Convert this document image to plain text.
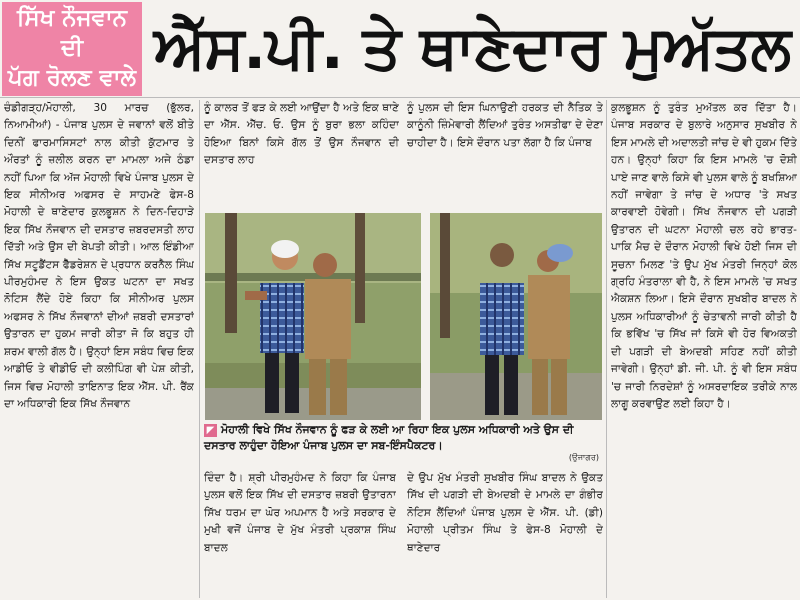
ਸਿੱਖ ਨੌਜਵਾਨ ਦੀ
ਪੱਗ ਰੋਲਣ ਵਾਲੇ ਐੱਸ.ਪੀ. ਤੇ ਥਾਣੇਦਾਰ ਮੁਅੱਤਲ
ਚੰਡੀਗੜ੍ਹ/ਮੋਹਾਲੀ, 30 ਮਾਰਚ (ਭੁੱਲਰ, ਨਿਆਮੀਆਂ) - ਪੰਜਾਬ ਪੁਲਸ ਦੇ ਜਵਾਨਾਂ ਵਲੋਂ ਬੀਤੇ ਦਿਨੀਂ ਫਾਰਮਾਸਿਸਟਾਂ ਨਾਲ ਕੀਤੀ ਕੁੱਟਮਾਰ ਤੇ ਔਰਤਾਂ ਨੂੰ ਜ਼ਲੀਲ ਕਰਨ ਦਾ ਮਾਮਲਾ ਅਜੇ ਠੰਡਾ ਨਹੀਂ ਪਿਆ ਕਿ ਅੱਜ ਮੋਹਾਲੀ ਵਿਖੇ ਪੰਜਾਬ ਪੁਲਸ ਦੇ ਇਕ ਸੀਨੀਅਰ ਅਫਸਰ ਦੇ ਸਾਹਮਣੇ ਫੇਸ-8 ਮੋਹਾਲੀ ਦੇ ਥਾਣੇਦਾਰ ਕੁਲਭੂਸ਼ਨ ਨੇ ਦਿਨ-ਦਿਹਾੜੇ ਇਕ ਸਿੱਖ ਨੌਜਵਾਨ ਦੀ ਦਸਤਾਰ ਜ਼ਬਰਦਸਤੀ ਲਾਹ ਦਿੱਤੀ ਅਤੇ ਉਸ ਦੀ ਬੇਪਤੀ ਕੀਤੀ। ਆਲ ਇੰਡੀਆ ਸਿੱਖ ਸਟੂਡੈਂਟਸ ਫੈੱਡਰੇਸ਼ਨ ਦੇ ਪ੍ਰਧਾਨ ਕਰਨੈਲ ਸਿੰਘ ਪੀਰਮੁਹੰਮਦ ਨੇ ਇਸ ਉਕਤ ਘਟਨਾ ਦਾ ਸਖਤ ਨੋਟਿਸ ਲੈਂਦੇ ਹੋਏ ਕਿਹਾ ਕਿ ਸੀਨੀਅਰ ਪੁਲਸ ਅਫਸਰ ਨੇ ਸਿੱਖ ਨੌਜਵਾਨਾਂ ਦੀਆਂ ਜ਼ਬਰੀ ਦਸਤਾਰਾਂ ਉਤਾਰਨ ਦਾ ਹੁਕਮ ਜਾਰੀ ਕੀਤਾ ਜੋ ਕਿ ਬਹੁਤ ਹੀ ਸ਼ਰਮ ਵਾਲੀ ਗੱਲ ਹੈ। ਉਨ੍ਹਾਂ ਇਸ ਸਬੰਧ ਵਿਚ ਇਕ ਆਡੀਓ ਤੇ ਵੀਡੀਓ ਦੀ ਕਲੀਪਿੰਗ ਵੀ ਪੇਸ਼ ਕੀਤੀ, ਜਿਸ ਵਿਚ ਮੋਹਾਲੀ ਤਾਇਨਾਤ ਇਕ ਐੱਸ. ਪੀ. ਰੈਂਕ ਦਾ ਅਧਿਕਾਰੀ ਇਕ ਸਿੱਖ ਨੌਜਵਾਨ
ਨੂੰ ਕਾਲਰ ਤੋਂ ਫੜ ਕੇ ਲਈ ਆਉਂਦਾ ਹੈ ਅਤੇ ਇਕ ਥਾਣੇ ਦਾ ਐੱਸ. ਐੱਚ. ਓ. ਉਸ ਨੂੰ ਬੁਰਾ ਭਲਾ ਕਹਿੰਦਾ ਹੋਇਆ ਬਿਨਾਂ ਕਿਸੇ ਗੱਲ ਤੋਂ ਉਸ ਨੌਜਵਾਨ ਦੀ ਦਸਤਾਰ ਲਾਹ
ਨੂੰ ਪੁਲਸ ਦੀ ਇਸ ਘਿਨਾਉਣੀ ਹਰਕਤ ਦੀ ਨੈਤਿਕ ਤੇ ਕਾਨੂੰਨੀ ਜ਼ਿੰਮੇਵਾਰੀ ਲੈਂਦਿਆਂ ਤੁਰੰਤ ਅਸਤੀਫਾ ਦੇ ਦੇਣਾ ਚਾਹੀਦਾ ਹੈ। ਇਸੇ ਦੌਰਾਨ ਪਤਾ ਲੱਗਾ ਹੈ ਕਿ ਪੰਜਾਬ
◤ ਮੋਹਾਲੀ ਵਿਖੇ ਸਿੱਖ ਨੌਜਵਾਨ ਨੂੰ ਫੜ ਕੇ ਲਈ ਆ ਰਿਹਾ ਇਕ ਪੁਲਸ ਅਧਿਕਾਰੀ ਅਤੇ ਉਸ ਦੀ ਦਸਤਾਰ ਲਾਹੁੰਦਾ ਹੋਇਆ ਪੰਜਾਬ ਪੁਲਸ ਦਾ ਸਬ-ਇੰਸਪੈਕਟਰ।
(ਉਜਾਗਰ)
ਦਿੰਦਾ ਹੈ। ਸ਼੍ਰੀ ਪੀਰਮੁਹੰਮਦ ਨੇ ਕਿਹਾ ਕਿ ਪੰਜਾਬ ਪੁਲਸ ਵਲੋਂ ਇਕ ਸਿੱਖ ਦੀ ਦਸਤਾਰ ਜ਼ਬਰੀ ਉਤਾਰਨਾ ਸਿੱਖ ਧਰਮ ਦਾ ਘੋਰ ਅਪਮਾਨ ਹੈ ਅਤੇ ਸਰਕਾਰ ਦੇ ਮੁਖੀ ਵਜੋਂ ਪੰਜਾਬ ਦੇ ਮੁੱਖ ਮੰਤਰੀ ਪ੍ਰਕਾਸ਼ ਸਿੰਘ ਬਾਦਲ
ਦੇ ਉਪ ਮੁੱਖ ਮੰਤਰੀ ਸੁਖਬੀਰ ਸਿੰਘ ਬਾਦਲ ਨੇ ਉਕਤ ਸਿੱਖ ਦੀ ਪਗੜੀ ਦੀ ਬੇਅਦਬੀ ਦੇ ਮਾਮਲੇ ਦਾ ਗੰਭੀਰ ਨੋਟਿਸ ਲੈਂਦਿਆਂ ਪੰਜਾਬ ਪੁਲਸ ਦੇ ਐੱਸ. ਪੀ. (ਡੀ) ਮੋਹਾਲੀ ਪ੍ਰੀਤਮ ਸਿੰਘ ਤੇ ਫੇਸ-8 ਮੋਹਾਲੀ ਦੇ ਥਾਣੇਦਾਰ
ਕੁਲਭੂਸ਼ਨ ਨੂੰ ਤੁਰੰਤ ਮੁਅੱਤਲ ਕਰ ਦਿੱਤਾ ਹੈ। ਪੰਜਾਬ ਸਰਕਾਰ ਦੇ ਬੁਲਾਰੇ ਅਨੁਸਾਰ ਸੁਖਬੀਰ ਨੇ ਇਸ ਮਾਮਲੇ ਦੀ ਅਦਾਲਤੀ ਜਾਂਚ ਦੇ ਵੀ ਹੁਕਮ ਦਿੱਤੇ ਹਨ। ਉਨ੍ਹਾਂ ਕਿਹਾ ਕਿ ਇਸ ਮਾਮਲੇ 'ਚ ਦੋਸ਼ੀ ਪਾਏ ਜਾਣ ਵਾਲੇ ਕਿਸੇ ਵੀ ਪੁਲਸ ਵਾਲੇ ਨੂੰ ਬਖਸ਼ਿਆ ਨਹੀਂ ਜਾਵੇਗਾ ਤੇ ਜਾਂਚ ਦੇ ਅਧਾਰ 'ਤੇ ਸਖਤ ਕਾਰਵਾਈ ਹੋਵੇਗੀ। ਸਿੱਖ ਨੌਜਵਾਨ ਦੀ ਪਗੜੀ ਉਤਾਰਨ ਦੀ ਘਟਨਾ ਮੋਹਾਲੀ ਚਲ ਰਹੇ ਭਾਰਤ-ਪਾਕਿ ਮੈਚ ਦੇ ਦੌਰਾਨ ਮੋਹਾਲੀ ਵਿਖੇ ਹੋਈ ਜਿਸ ਦੀ ਸੂਚਨਾ ਮਿਲਣ 'ਤੇ ਉਪ ਮੁੱਖ ਮੰਤਰੀ ਜਿਨ੍ਹਾਂ ਕੋਲ ਗ੍ਰਹਿ ਮੰਤਰਾਲਾ ਵੀ ਹੈ, ਨੇ ਇਸ ਮਾਮਲੇ 'ਚ ਸਖਤ ਐਕਸ਼ਨ ਲਿਆ। ਇਸੇ ਦੌਰਾਨ ਸੁਖਬੀਰ ਬਾਦਲ ਨੇ ਪੁਲਸ ਅਧਿਕਾਰੀਆਂ ਨੂੰ ਚੇਤਾਵਨੀ ਜਾਰੀ ਕੀਤੀ ਹੈ ਕਿ ਭਵਿੱਖ 'ਚ ਸਿੱਖ ਜਾਂ ਕਿਸੇ ਵੀ ਹੋਰ ਵਿਅਕਤੀ ਦੀ ਪਗੜੀ ਦੀ ਬੇਅਦਬੀ ਸਹਿਣ ਨਹੀਂ ਕੀਤੀ ਜਾਵੇਗੀ। ਉਨ੍ਹਾਂ ਡੀ. ਜੀ. ਪੀ. ਨੂੰ ਵੀ ਇਸ ਸਬੰਧ 'ਚ ਜਾਰੀ ਨਿਰਦੇਸ਼ਾਂ ਨੂੰ ਅਸਰਦਾਇਕ ਤਰੀਕੇ ਨਾਲ ਲਾਗੂ ਕਰਵਾਉਣ ਲਈ ਕਿਹਾ ਹੈ।
